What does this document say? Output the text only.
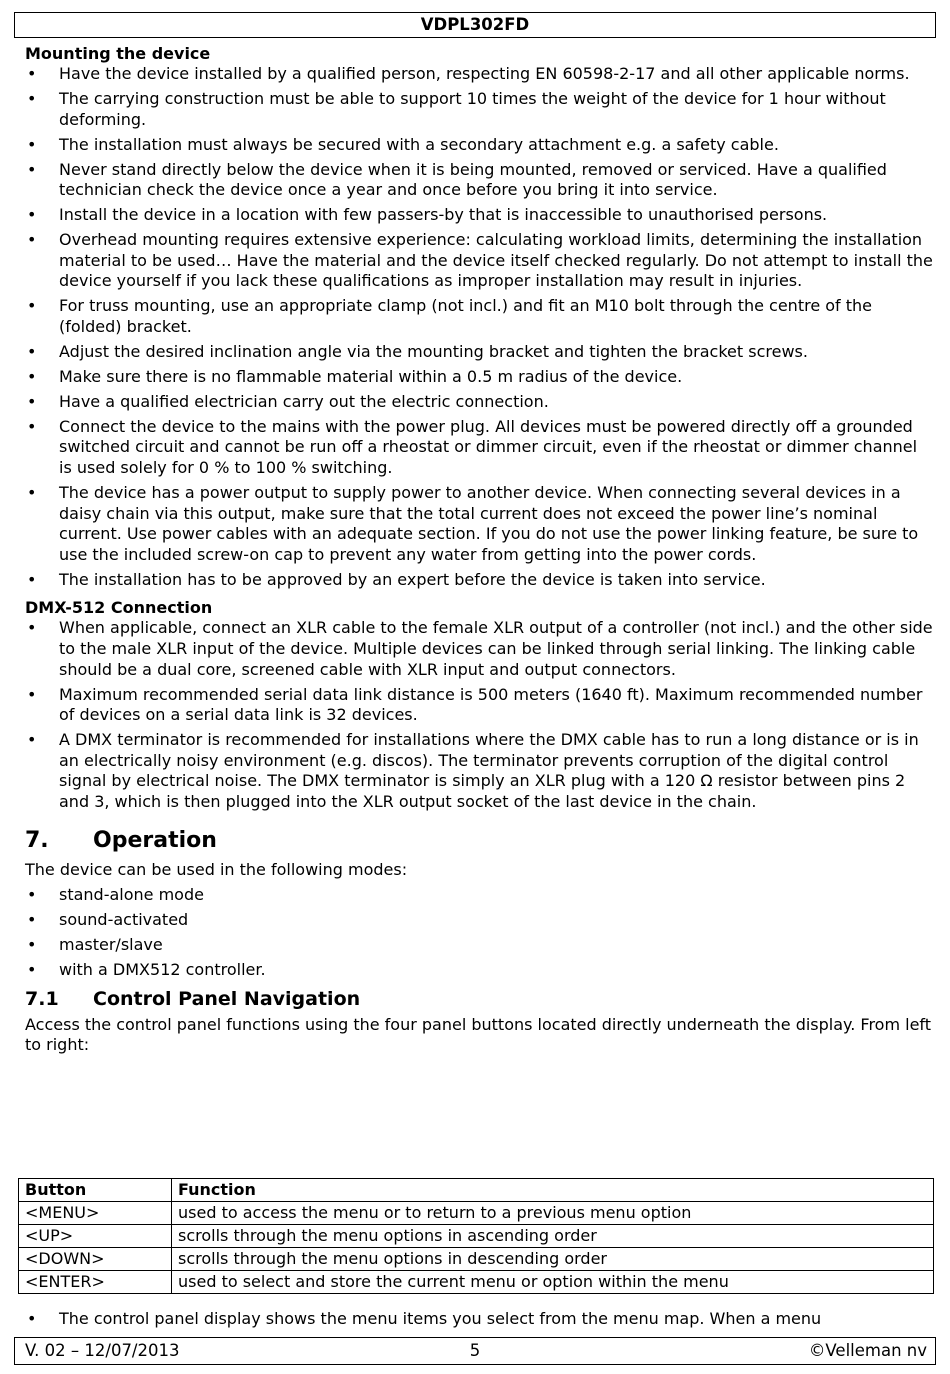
VDPL302FD
Mounting the device
• Have the device installed by a qualified person, respecting EN 60598-2-17 and all other applicable norms.
• The carrying construction must be able to support 10 times the weight of the device for 1 hour without deforming.
• The installation must always be secured with a secondary attachment e.g. a safety cable.
• Never stand directly below the device when it is being mounted, removed or serviced. Have a qualified technician check the device once a year and once before you bring it into service.
• Install the device in a location with few passers-by that is inaccessible to unauthorised persons.
• Overhead mounting requires extensive experience: calculating workload limits, determining the installation material to be used… Have the material and the device itself checked regularly. Do not attempt to install the device yourself if you lack these qualifications as improper installation may result in injuries.
• For truss mounting, use an appropriate clamp (not incl.) and fit an M10 bolt through the centre of the (folded) bracket.
• Adjust the desired inclination angle via the mounting bracket and tighten the bracket screws.
• Make sure there is no flammable material within a 0.5 m radius of the device.
• Have a qualified electrician carry out the electric connection.
• Connect the device to the mains with the power plug. All devices must be powered directly off a grounded switched circuit and cannot be run off a rheostat or dimmer circuit, even if the rheostat or dimmer channel is used solely for 0 % to 100 % switching.
• The device has a power output to supply power to another device. When connecting several devices in a daisy chain via this output, make sure that the total current does not exceed the power line’s nominal current. Use power cables with an adequate section. If you do not use the power linking feature, be sure to use the included screw-on cap to prevent any water from getting into the power cords.
• The installation has to be approved by an expert before the device is taken into service.
DMX-512 Connection
• When applicable, connect an XLR cable to the female XLR output of a controller (not incl.) and the other side to the male XLR input of the device. Multiple devices can be linked through serial linking. The linking cable should be a dual core, screened cable with XLR input and output connectors.
• Maximum recommended serial data link distance is 500 meters (1640 ft). Maximum recommended number of devices on a serial data link is 32 devices.
• A DMX terminator is recommended for installations where the DMX cable has to run a long distance or is in an electrically noisy environment (e.g. discos). The terminator prevents corruption of the digital control signal by electrical noise. The DMX terminator is simply an XLR plug with a 120 Ω resistor between pins 2 and 3, which is then plugged into the XLR output socket of the last device in the chain.
7. Operation

The device can be used in the following modes:

• stand-alone mode
• sound-activated
• master/slave
• with a DMX512 controller.
7.1 Control Panel Navigation

Access the control panel functions using the four panel buttons located directly underneath the display. From left to right:

Button	Function
<MENU>	used to access the menu or to return to a previous menu option
<UP>	scrolls through the menu options in ascending order
<DOWN>	scrolls through the menu options in descending order
<ENTER>	used to select and store the current menu or option within the menu
• The control panel display shows the menu items you select from the menu map. When a menu
5
V. 02 – 12/07/2013	©Velleman nv
